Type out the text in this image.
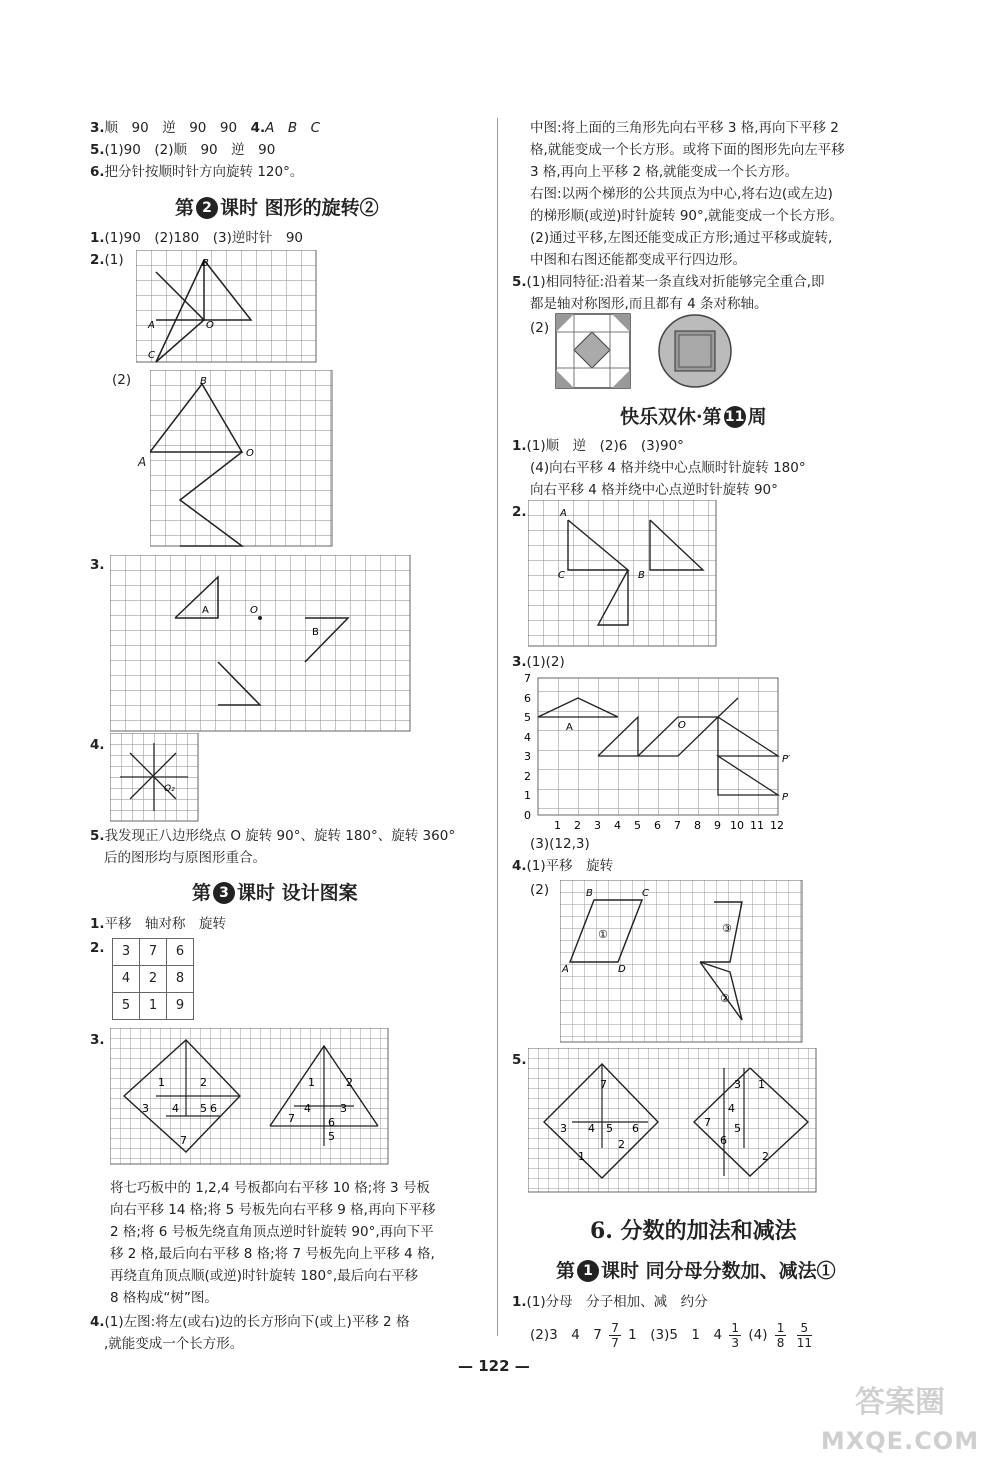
3.顺　90　逆　90　90　4.A　B　C
5.(1)90　(2)顺　90　逆　90
6.把分针按顺时针方向旋转 120°。
第 2 课时 图形的旋转②
1.(1)90　(2)180　(3)逆时针　90
2.(1)	B
A	O
C
(2)	B
O
A
3.
A	O
B
4.
O₂
5.我发现正八边形绕点 O 旋转 90°、旋转 180°、旋转 360°
后的图形均与原图形重合。
第 3 课时 设计图案
1.平移　轴对称　旋转
2.	3 7 6
4 2 8
5 1 9
3.
1	2
3 4 5 6
7
1	2
7
4	3
6
5
将七巧板中的 1,2,4 号板都向右平移 10 格;将 3 号板
向右平移 14 格;将 5 号板先向右平移 9 格,再向下平移
2 格;将 6 号板先绕直角顶点逆时针旋转 90°,再向下平
移 2 格,最后向右平移 8 格;将 7 号板先向上平移 4 格,
再绕直角顶点顺(或逆)时针旋转 180°,最后向右平移
8 格构成“树”图。
4.(1)左图:将左(或右)边的长方形向下(或上)平移 2 格
,就能变成一个长方形。
中图:将上面的三角形先向右平移 3 格,再向下平移 2
格,就能变成一个长方形。或将下面的图形先向左平移
3 格,再向上平移 2 格,就能变成一个长方形。
右图:以两个梯形的公共顶点为中心,将右边(或左边)
的梯形顺(或逆)时针旋转 90°,就能变成一个长方形。
(2)通过平移,左图还能变成正方形;通过平移或旋转,
中图和右图还能都变成平行四边形。
5.(1)相同特征:沿着某一条直线对折能够完全重合,即
都是轴对称图形,而且都有 4 条对称轴。
(2)
快乐双休·第 11 周
1.(1)顺　逆　(2)6　(3)90°
(4)向右平移 4 格并绕中心点顺时针旋转 180°
向右平移 4 格并绕中心点逆时针旋转 90°
2.	A
C	B
3.(1)(2)
0
1
2
3
4
5
6
7
1 2 3 4 5 6 7 8 9 10 11 12
A	O
P′
P
(3)(12,3)
4.(1)平移　旋转
(2)	B	C
A	D
①	③
②
5.
7
3 4 5 6
1
2
3 1
7
4
5
6
2
6. 分数的加法和减法
第 1 课时 同分母分数加、减法①
1.(1)分母　分子相加、减　约分
(2)3　4　$7 \frac{7}{7} 1$　(3)5　1　$4 \frac{1}{3} (4) \frac{1}{8}$
$\frac{5}{11}$
— 122 —
答案圈
MXQE.COM
